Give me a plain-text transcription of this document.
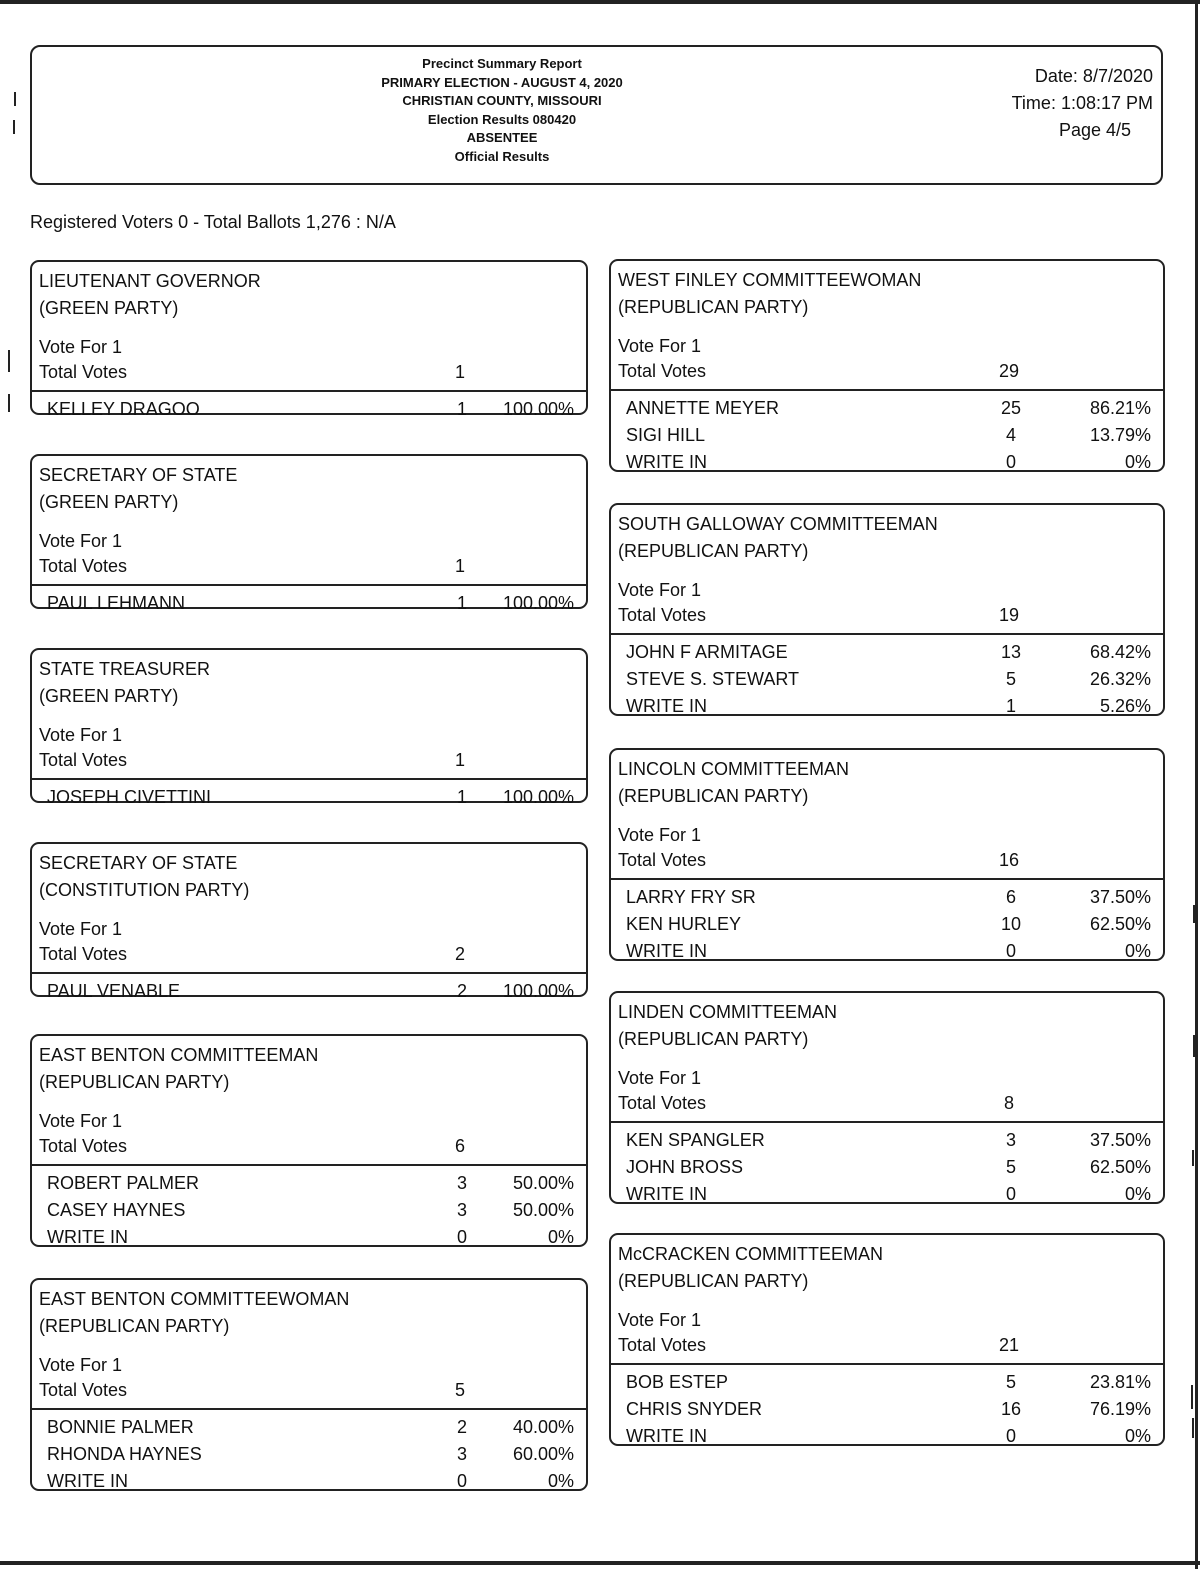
Precinct Summary Report
PRIMARY ELECTION - AUGUST 4, 2020
CHRISTIAN COUNTY, MISSOURI
Election Results 080420
ABSENTEE
Official Results
Date: 8/7/2020
Time: 1:08:17 PM
Page 4/5
Registered Voters 0 - Total Ballots 1,276 : N/A
LIEUTENANT GOVERNOR
(GREEN PARTY)
Vote For 1
Total Votes	1
KELLEY DRAGOO	1	100.00%
SECRETARY OF STATE
(GREEN PARTY)
Vote For 1
Total Votes	1
PAUL LEHMANN	1	100.00%
STATE TREASURER
(GREEN PARTY)
Vote For 1
Total Votes	1
JOSEPH CIVETTINI	1	100.00%
SECRETARY OF STATE
(CONSTITUTION PARTY)
Vote For 1
Total Votes	2
PAUL VENABLE	2	100.00%
EAST BENTON COMMITTEEMAN
(REPUBLICAN PARTY)
Vote For 1
Total Votes	6
ROBERT PALMER	3	50.00%
CASEY HAYNES	3	50.00%
WRITE IN	0	0%
EAST BENTON COMMITTEEWOMAN
(REPUBLICAN PARTY)
Vote For 1
Total Votes	5
BONNIE PALMER	2	40.00%
RHONDA HAYNES	3	60.00%
WRITE IN	0	0%
WEST FINLEY COMMITTEEWOMAN
(REPUBLICAN PARTY)
Vote For 1
Total Votes	29
ANNETTE MEYER	25	86.21%
SIGI HILL	4	13.79%
WRITE IN	0	0%
SOUTH GALLOWAY COMMITTEEMAN
(REPUBLICAN PARTY)
Vote For 1
Total Votes	19
JOHN F ARMITAGE	13	68.42%
STEVE S. STEWART	5	26.32%
WRITE IN	1	5.26%
LINCOLN COMMITTEEMAN
(REPUBLICAN PARTY)
Vote For 1
Total Votes	16
LARRY FRY SR	6	37.50%
KEN HURLEY	10	62.50%
WRITE IN	0	0%
LINDEN COMMITTEEMAN
(REPUBLICAN PARTY)
Vote For 1
Total Votes	8
KEN SPANGLER	3	37.50%
JOHN BROSS	5	62.50%
WRITE IN	0	0%
McCRACKEN COMMITTEEMAN
(REPUBLICAN PARTY)
Vote For 1
Total Votes	21
BOB ESTEP	5	23.81%
CHRIS SNYDER	16	76.19%
WRITE IN	0	0%
